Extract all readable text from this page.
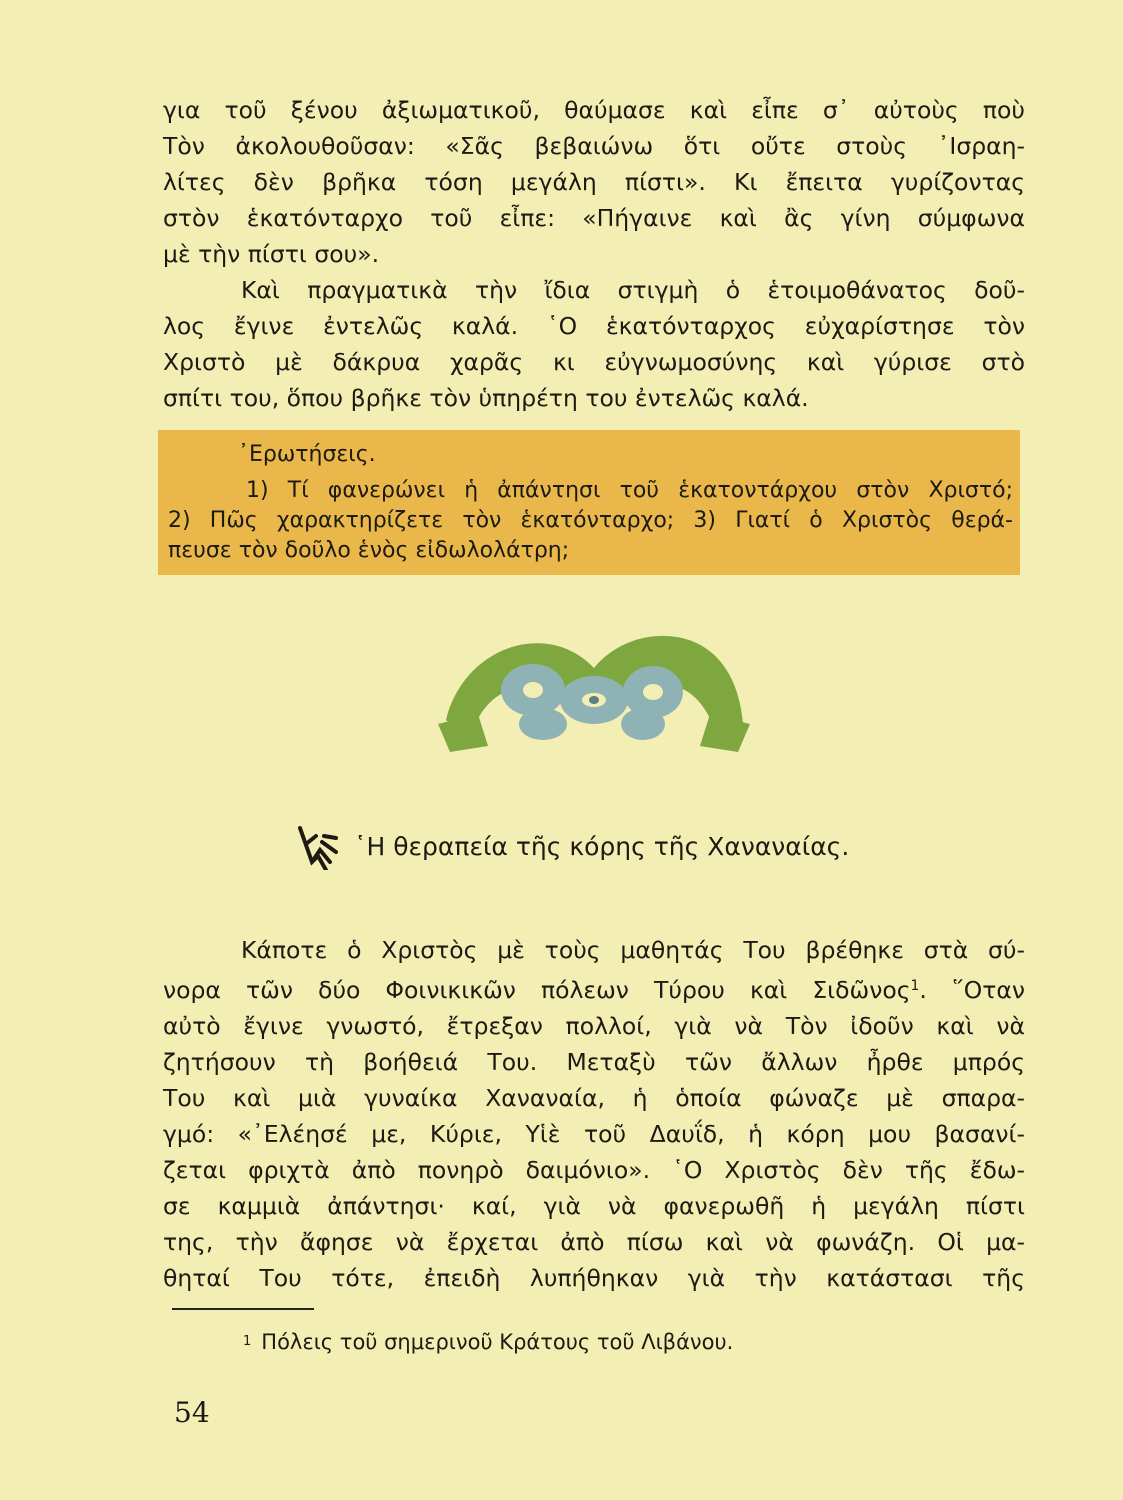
για τοῦ ξένου ἀξιωματικοῦ, θαύμασε καὶ εἶπε σ᾽ αὐτοὺς ποὺ
Τὸν ἀκολουθοῦσαν: «Σᾶς βεβαιώνω ὅτι οὔτε στοὺς ᾽Ισραη-
λίτες δὲν βρῆκα τόση μεγάλη πίστι». Κι ἔπειτα γυρίζοντας
στὸν ἑκατόνταρχο τοῦ εἶπε: «Πήγαινε καὶ ἂς γίνη σύμφωνα
μὲ τὴν πίστι σου».
Καὶ πραγματικὰ τὴν ἴδια στιγμὴ ὁ ἑτοιμοθάνατος δοῦ-
λος ἔγινε ἐντελῶς καλά. ῾Ο ἑκατόνταρχος εὐχαρίστησε τὸν
Χριστὸ μὲ δάκρυα χαρᾶς κι εὐγνωμοσύνης καὶ γύρισε στὸ
σπίτι του, ὅπου βρῆκε τὸν ὑπηρέτη του ἐντελῶς καλά.
᾽Ερωτήσεις.
1) Τί φανερώνει ἡ ἀπάντησι τοῦ ἑκατοντάρχου στὸν Χριστό;
2) Πῶς χαρακτηρίζετε τὸν ἑκατόνταρχο; 3) Γιατί ὁ Χριστὸς θερά-
πευσε τὸν δοῦλο ἑνὸς εἰδωλολάτρη;
῾Η θεραπεία τῆς κόρης τῆς Χαναναίας.
Κάποτε ὁ Χριστὸς μὲ τοὺς μαθητάς Του βρέθηκε στὰ σύ-
νορα τῶν δύο Φοινικικῶν πόλεων Τύρου καὶ Σιδῶνος$^1$. ῞Οταν
αὐτὸ ἔγινε γνωστό, ἔτρεξαν πολλοί, γιὰ νὰ Τὸν ἰδοῦν καὶ νὰ
ζητήσουν τὴ βοήθειά Του. Μεταξὺ τῶν ἄλλων ἦρθε μπρός
Του καὶ μιὰ γυναίκα Χαναναία, ἡ ὁποία φώναζε μὲ σπαρα-
γμό: «᾽Ελέησέ με, Κύριε, Υἱὲ τοῦ Δαυΐδ, ἡ κόρη μου βασανί-
ζεται φριχτὰ ἀπὸ πονηρὸ δαιμόνιο». ῾Ο Χριστὸς δὲν τῆς ἔδω-
σε καμμιὰ ἀπάντησι· καί, γιὰ νὰ φανερωθῆ ἡ μεγάλη πίστι
της, τὴν ἄφησε νὰ ἔρχεται ἀπὸ πίσω καὶ νὰ φωνάζη. Οἱ μα-
θηταί Του τότε, ἐπειδὴ λυπήθηκαν γιὰ τὴν κατάστασι τῆς
$^1$ Πόλεις τοῦ σημερινοῦ Κράτους τοῦ Λιβάνου.
54
